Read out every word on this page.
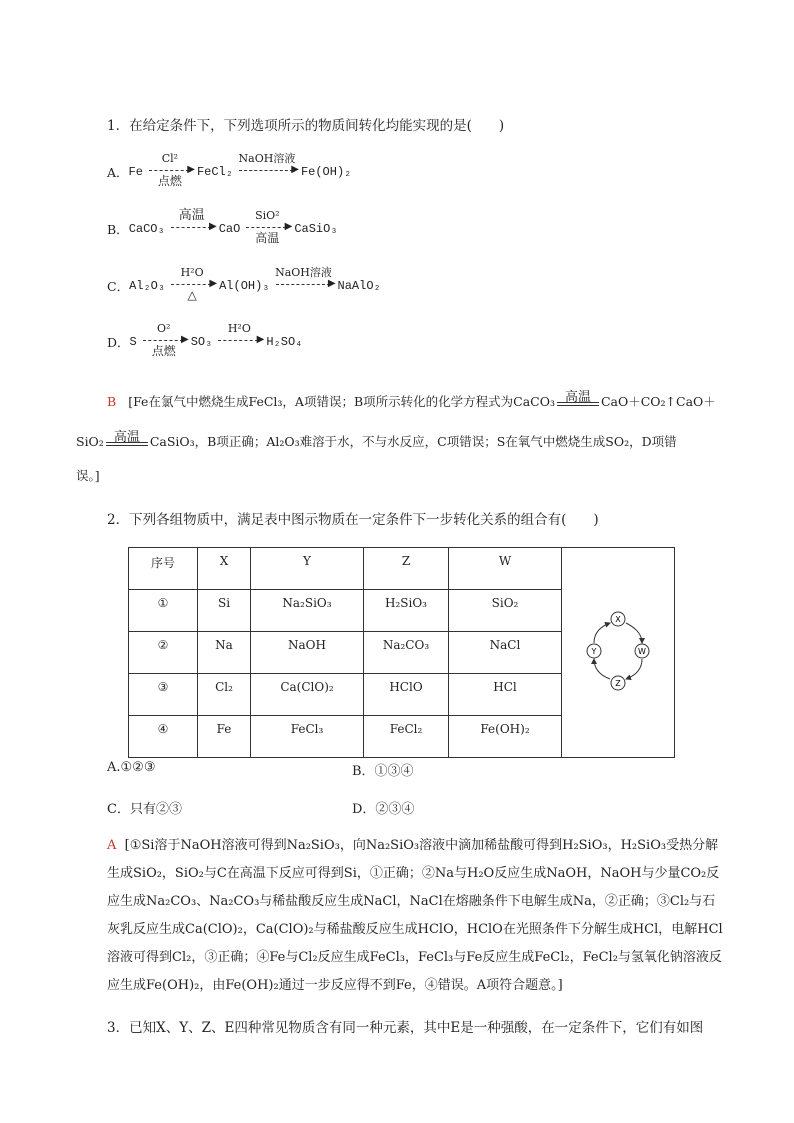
1．在给定条件下，下列选项所示的物质间转化均能实现的是(　　)
A． Fe
Cl²
▶
点燃
FeCl₂
NaOH溶液
▶ Fe(OH)₂
B． CaCO₃
高温
▶ CaO
SiO²
▶
高温
CaSiO₃
C． Al₂O₃
H²O
▶
△
Al(OH)₃
NaOH溶液
▶ NaAlO₂
D． S
O²
▶
点燃
SO₃
H²O
▶ H₂SO₄
B [Fe在氯气中燃烧生成FeCl₃，A项错误；B项所示转化的化学方程式为CaCO₃ 高温 CaO＋CO₂↑CaO＋
SiO₂ 高温 CaSiO₃，B项正确；Al₂O₃难溶于水，不与水反应，C项错误；S在氧气中燃烧生成SO₂，D项错
误。]
2．下列各组物质中，满足表中图示物质在一定条件下一步转化关系的组合有(　　)
序号	X	Y	Z	W	X
Y W
Z

①	Si	Na₂SiO₃	H₂SiO₃	SiO₂	
②	Na	NaOH	Na₂CO₃	NaCl	
③	Cl₂	Ca(ClO)₂	HClO	HCl	
④	Fe	FeCl₃	FeCl₂	Fe(OH)₂	
A.①②③	B．①③④
C．只有②③	D．②③④
A [①Si溶于NaOH溶液可得到Na₂SiO₃，向Na₂SiO₃溶液中滴加稀盐酸可得到H₂SiO₃，H₂SiO₃受热分解生成SiO₂，SiO₂与C在高温下反应可得到Si，①正确；②Na与H₂O反应生成NaOH，NaOH与少量CO₂反应生成Na₂CO₃、Na₂CO₃与稀盐酸反应生成NaCl，NaCl在熔融条件下电解生成Na，②正确；③Cl₂与石灰乳反应生成Ca(ClO)₂，Ca(ClO)₂与稀盐酸反应生成HClO，HClO在光照条件下分解生成HCl，电解HCl溶液可得到Cl₂，③正确；④Fe与Cl₂反应生成FeCl₃，FeCl₃与Fe反应生成FeCl₂，FeCl₂与氢氧化钠溶液反应生成Fe(OH)₂，由Fe(OH)₂通过一步反应得不到Fe，④错误。A项符合题意。]
3．已知X、Y、Z、E四种常见物质含有同一种元素，其中E是一种强酸，在一定条件下，它们有如图
